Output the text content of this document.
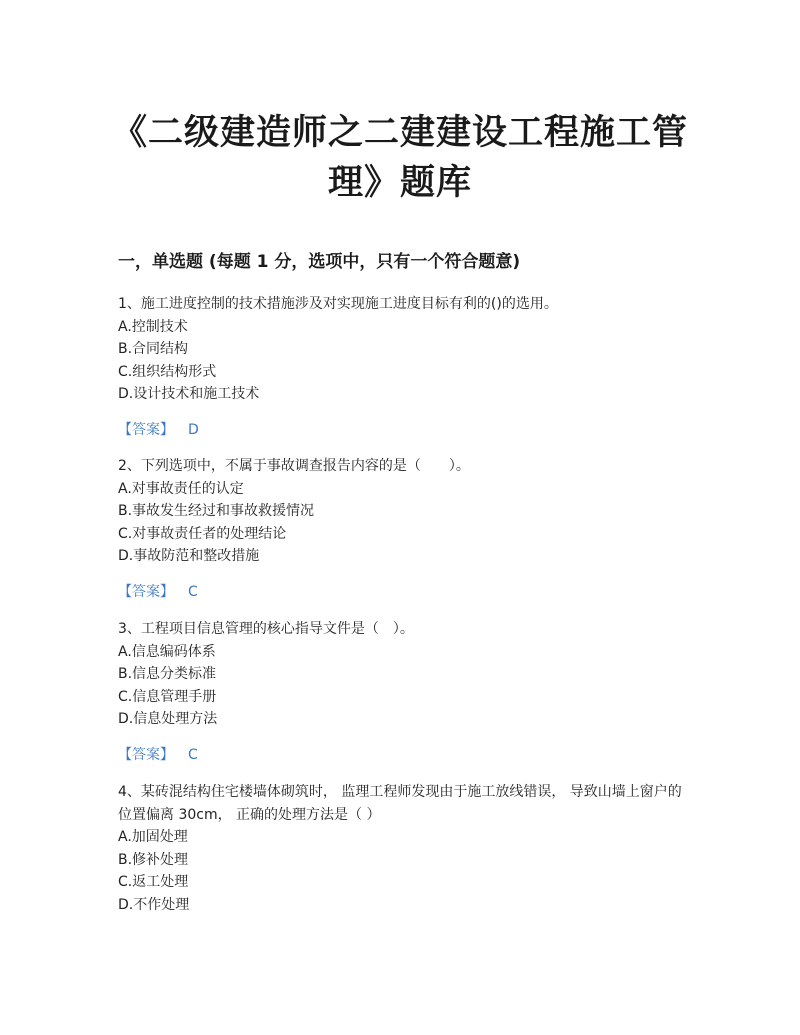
《二级建造师之二建建设工程施工管理》题库
一，单选题 (每题 1 分，选项中，只有一个符合题意)

1、施工进度控制的技术措施涉及对实现施工进度目标有利的()的选用。

A.控制技术

B.合同结构

C.组织结构形式

D.设计技术和施工技术

【答案】 D

2、下列选项中，不属于事故调查报告内容的是（　　）。

A.对事故责任的认定

B.事故发生经过和事故救援情况

C.对事故责任者的处理结论

D.事故防范和整改措施

【答案】 C

3、工程项目信息管理的核心指导文件是（　）。

A.信息编码体系

B.信息分类标准

C.信息管理手册

D.信息处理方法

【答案】 C

4、某砖混结构住宅楼墙体砌筑时， 监理工程师发现由于施工放线错误， 导致山墙上窗户的位置偏离 30cm， 正确的处理方法是（ ）

A.加固处理

B.修补处理

C.返工处理

D.不作处理
